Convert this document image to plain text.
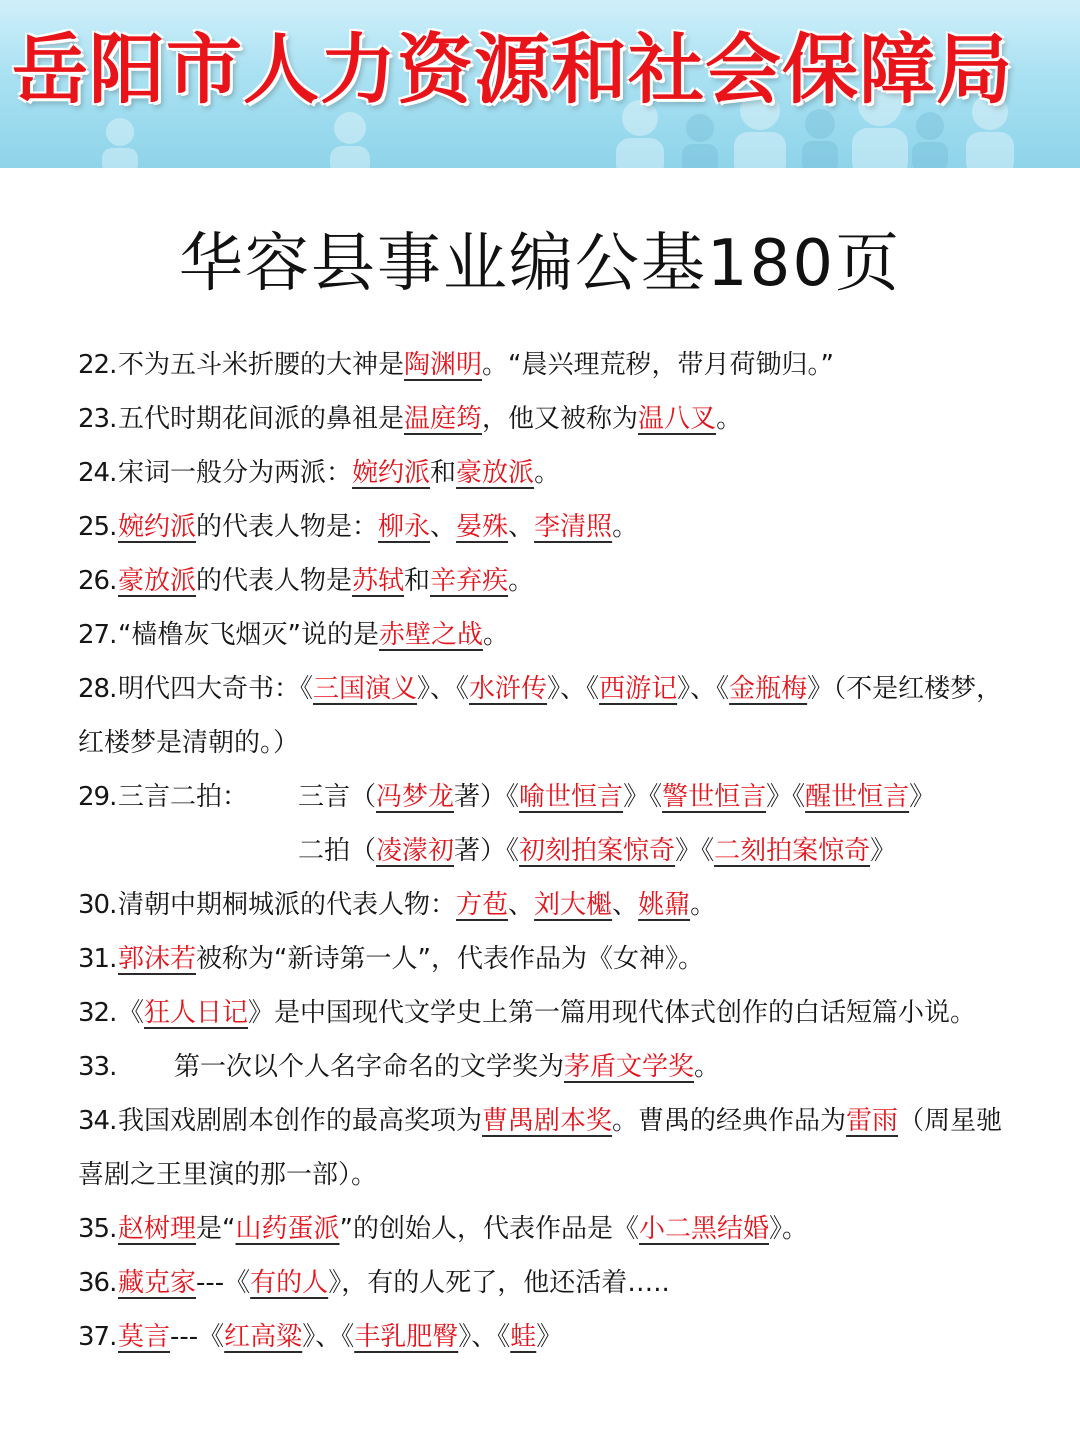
岳阳市人力资源和社会保障局
华容县事业编公基180页
22.不为五斗米折腰的大神是陶渊明。“晨兴理荒秽，带月荷锄归。”
23.五代时期花间派的鼻祖是温庭筠，他又被称为温八叉。
24.宋词一般分为两派：婉约派和豪放派。
25.婉约派的代表人物是：柳永、晏殊、李清照。
26.豪放派的代表人物是苏轼和辛弃疾。
27.“樯橹灰飞烟灭”说的是赤壁之战。
28.明代四大奇书：《三国演义》、《水浒传》、《西游记》、《金瓶梅》（不是红楼梦，
红楼梦是清朝的。）
29.三言二拍： 三言（冯梦龙著）《喻世恒言》《警世恒言》《醒世恒言》
二拍（凌濛初著）《初刻拍案惊奇》《二刻拍案惊奇》
30.清朝中期桐城派的代表人物：方苞、刘大櫆、姚鼐。
31.郭沫若被称为“新诗第一人”，代表作品为《女神》。
32.《狂人日记》是中国现代文学史上第一篇用现代体式创作的白话短篇小说。
33. 第一次以个人名字命名的文学奖为茅盾文学奖。
34.我国戏剧剧本创作的最高奖项为曹禺剧本奖。曹禺的经典作品为雷雨（周星驰
喜剧之王里演的那一部）。
35.赵树理是“山药蛋派”的创始人，代表作品是《小二黑结婚》。
36.藏克家---《有的人》，有的人死了，他还活着…..
37.莫言---《红高粱》、《丰乳肥臀》、《蛙》
